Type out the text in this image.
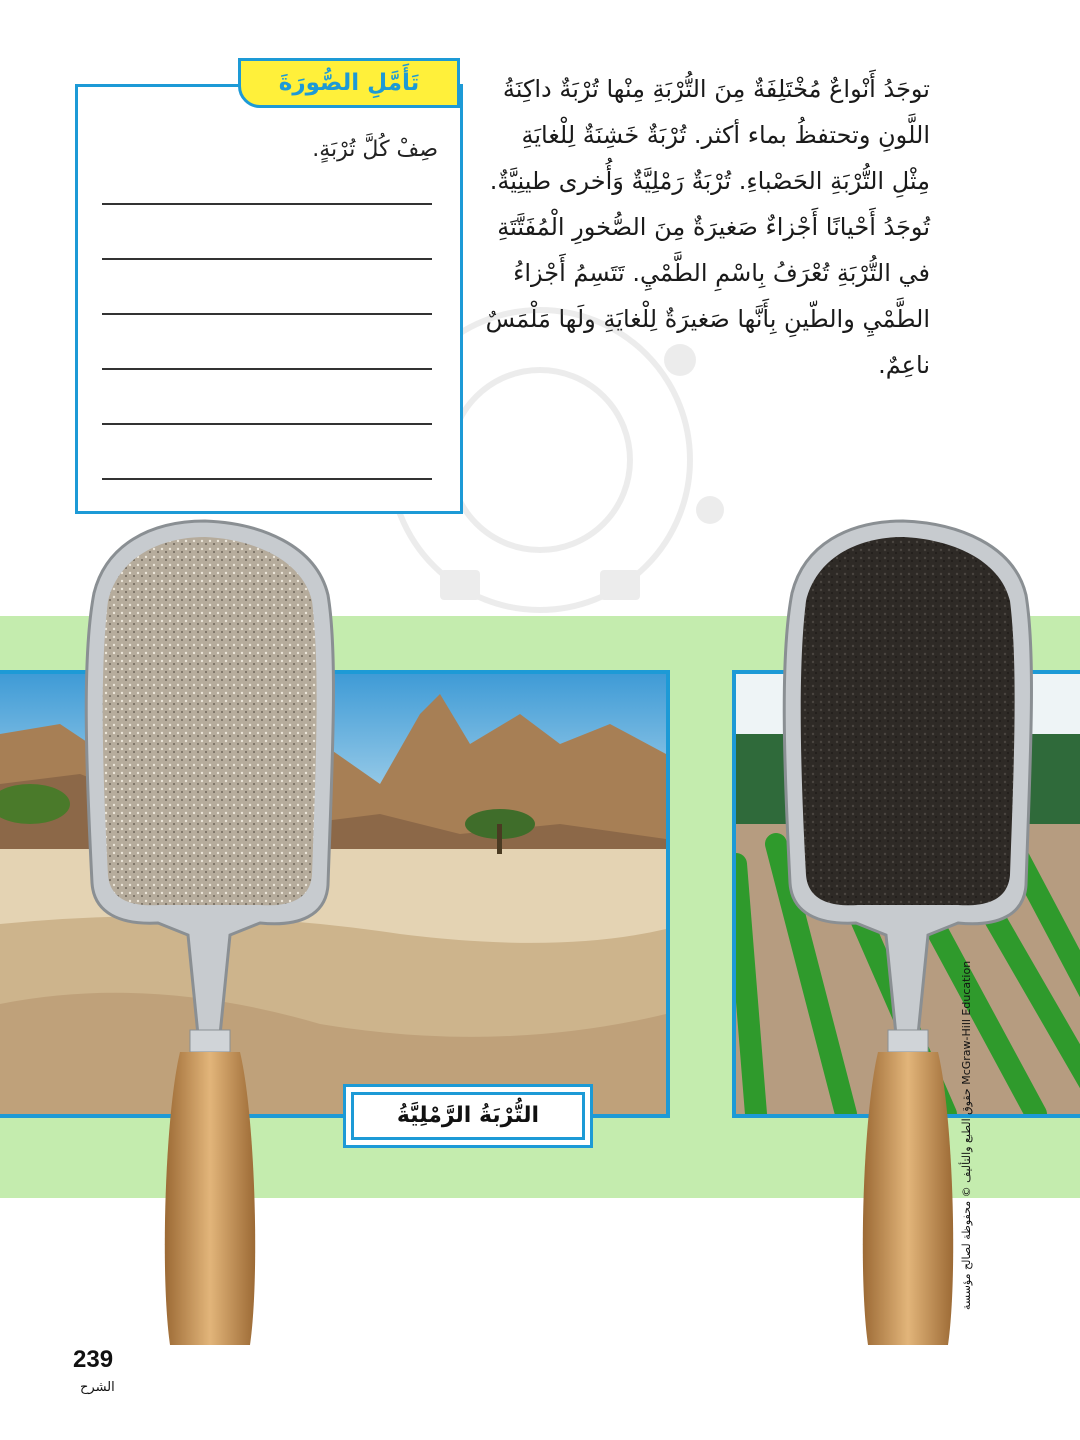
توجَدُ أَنْواعٌ مُخْتَلِفَةٌ مِنَ التُّرْبَةِ مِنْها تُرْبَةٌ داكِنَةُ اللَّونِ وتحتفظُ بماء أكثر. تُرْبَةٌ خَشِنَةٌ لِلْغايَةِ مِثْلِ التُّرْبَةِ الحَصْباءِ. تُرْبَةٌ رَمْلِيَّةٌ وَأُخرى طينِيَّةٌ. تُوجَدُ أَحْيانًا أَجْزاءٌ صَغيرَةٌ مِنَ الصُّخورِ الْمُفَتَّتَةِ في التُّرْبَةِ تُعْرَفُ بِاسْمِ الطَّمْيِ. تَتَسِمُ أَجْزاءُ الطَّمْيِ والطّينِ بِأَنَّها صَغيرَةٌ لِلْغايَةِ ولَها مَلْمَسٌ ناعِمٌ.

صِفْ كُلَّ تُرْبَةٍ.
تَأَمَّلِ الصُّورَةَ
التُّرْبَةُ الرَّمْلِيَّةُ	حقوق الطبع والتأليف © محفوظة لصالح مؤسسة McGraw-Hill Education
239
الشرح
